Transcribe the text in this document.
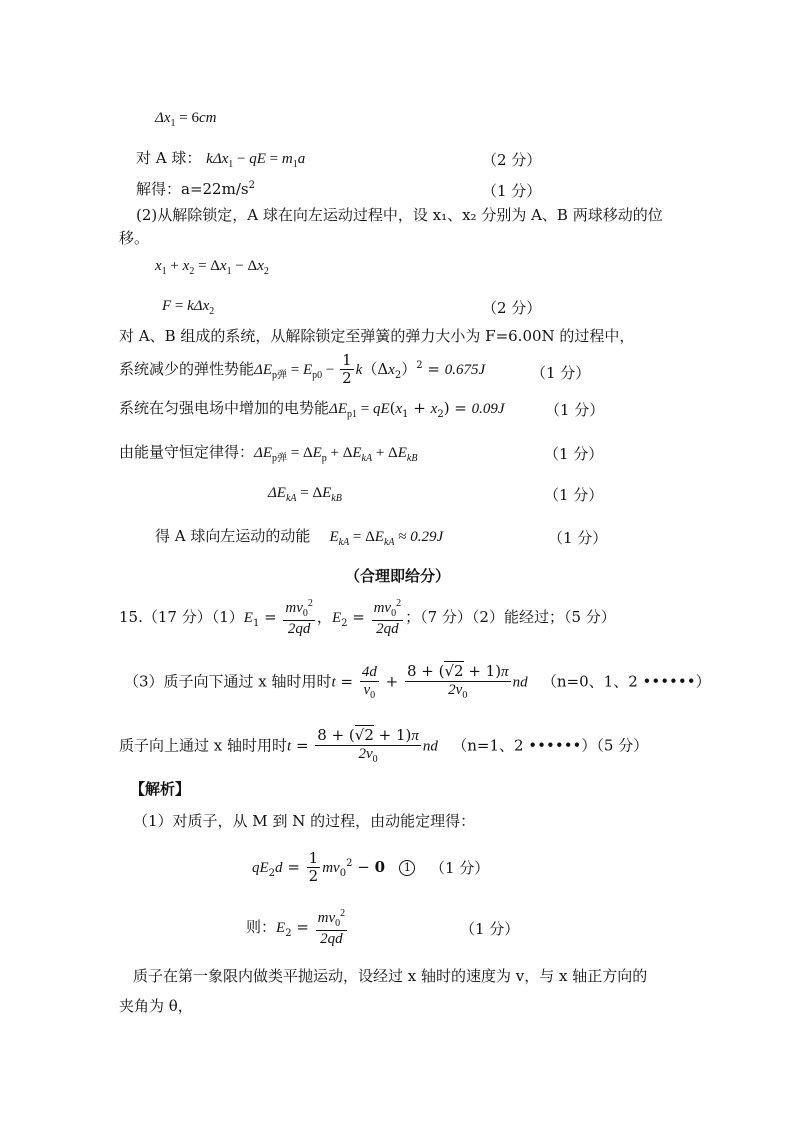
$\Delta x_1 = 6cm$
对 A 球： kΔx$_1$ − qE = $m_1a$	（2 分）
解得：$a=22m/s^2$	（1 分）
(2)从解除锁定，A 球在向左运动过程中，设 x₁、x₂ 分别为 A、B 两球移动的位
移。
$x_1 + x_2 = \Delta x_1 - \Delta x_2$
F = kΔx$_2$	（2 分）
对 A、B 组成的系统，从解除锁定至弹簧的弹力大小为 F=6.00N 的过程中，
系统减少的弹性势能$\Delta E_{p弹} = E_{p0} - \frac{1}{2} k(\Delta x_2)^2 = 0.675J$	（1 分）
系统在匀强电场中增加的电势能$\Delta E_{p1} = qE(x_1 + x_2) = 0.09J$	（1 分）
由能量守恒定律得：$\Delta E_{p弹} = \Delta E_p + \Delta E_{kA} + \Delta E_{kB}$	（1 分）
$\Delta E_{kA} = \Delta E_{kB}$	（1 分）
得 A 球向左运动的动能 $E_{kA} = \Delta E_{kA} \approx 0.29J$	（1 分）
（合理即给分）
15.（17 分）$(1)E_1 = \frac{mv_0^2}{2qd}$ ，$E_2 = \frac{mv_0^2}{2qd}$ ；（7 分）（2）能经过；（5 分）
（3）质子向下通过 x 轴时用时$t = \frac{4d}{v_0} + \frac{8 + (√2 + 1)\pi}{2v_0}$ nd （n=0、1、2 ••••••）
质子向上通过 x 轴时用时$t = \frac{8 + (√2 + 1)\pi}{2v_0}$ nd （n=1、2 ••••••）（5 分）
【解析】
（1）对质子，从 M 到 N 的过程，由动能定理得：
$qE_2d = \frac{1}{2} mv_0^2 - 0$ 1	（1 分）
则：$E_2 = \frac{mv_0^2}{2qd}$	（1 分）
质子在第一象限内做类平抛运动，设经过 x 轴时的速度为 v，与 x 轴正方向的
夹角为 θ，
